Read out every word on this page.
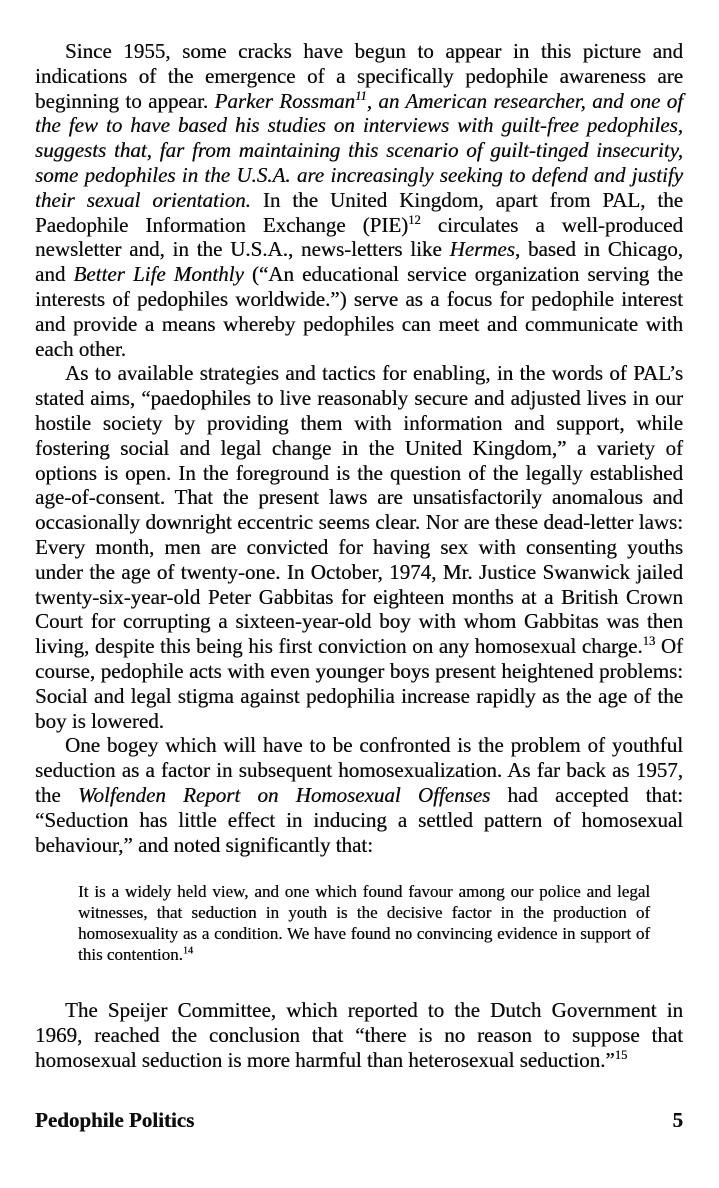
Since 1955, some cracks have begun to appear in this picture and indications of the emergence of a specifically pedophile awareness are beginning to appear. Parker Rossman$^{11}$, an American researcher, and one of the few to have based his studies on interviews with guilt-free pedophiles, suggests that, far from maintaining this scenario of guilt-tinged insecurity, some pedophiles in the U.S.A. are increasingly seeking to defend and justify their sexual orientation. In the United Kingdom, apart from PAL, the Paedophile Information Exchange (PIE)$^{12}$ circulates a well-produced newsletter and, in the U.S.A., news-letters like Hermes, based in Chicago, and Better Life Monthly (“An educational service organization serving the interests of pedophiles worldwide.”) serve as a focus for pedophile interest and provide a means whereby pedophiles can meet and communicate with each other.

As to available strategies and tactics for enabling, in the words of PAL’s stated aims, “paedophiles to live reasonably secure and adjusted lives in our hostile society by providing them with information and support, while fostering social and legal change in the United Kingdom,” a variety of options is open. In the foreground is the question of the legally established age-of-consent. That the present laws are unsatisfactorily anomalous and occasionally downright eccentric seems clear. Nor are these dead-letter laws: Every month, men are convicted for having sex with consenting youths under the age of twenty-one. In October, 1974, Mr. Justice Swanwick jailed twenty-six-year-old Peter Gabbitas for eighteen months at a British Crown Court for corrupting a sixteen-year-old boy with whom Gabbitas was then living, despite this being his first conviction on any homosexual charge.$^{13}$ Of course, pedophile acts with even younger boys present heightened problems: Social and legal stigma against pedophilia increase rapidly as the age of the boy is lowered.

One bogey which will have to be confronted is the problem of youthful seduction as a factor in subsequent homosexualization. As far back as 1957, the Wolfenden Report on Homosexual Offenses had accepted that: “Seduction has little effect in inducing a settled pattern of homosexual behaviour,” and noted significantly that:

It is a widely held view, and one which found favour among our police and legal witnesses, that seduction in youth is the decisive factor in the production of homosexuality as a condition. We have found no convincing evidence in support of this contention.$^{14}$

The Speijer Committee, which reported to the Dutch Government in 1969, reached the conclusion that “there is no reason to suppose that homosexual seduction is more harmful than heterosexual seduction.”$^{15}$

Pedophile Politics	5
